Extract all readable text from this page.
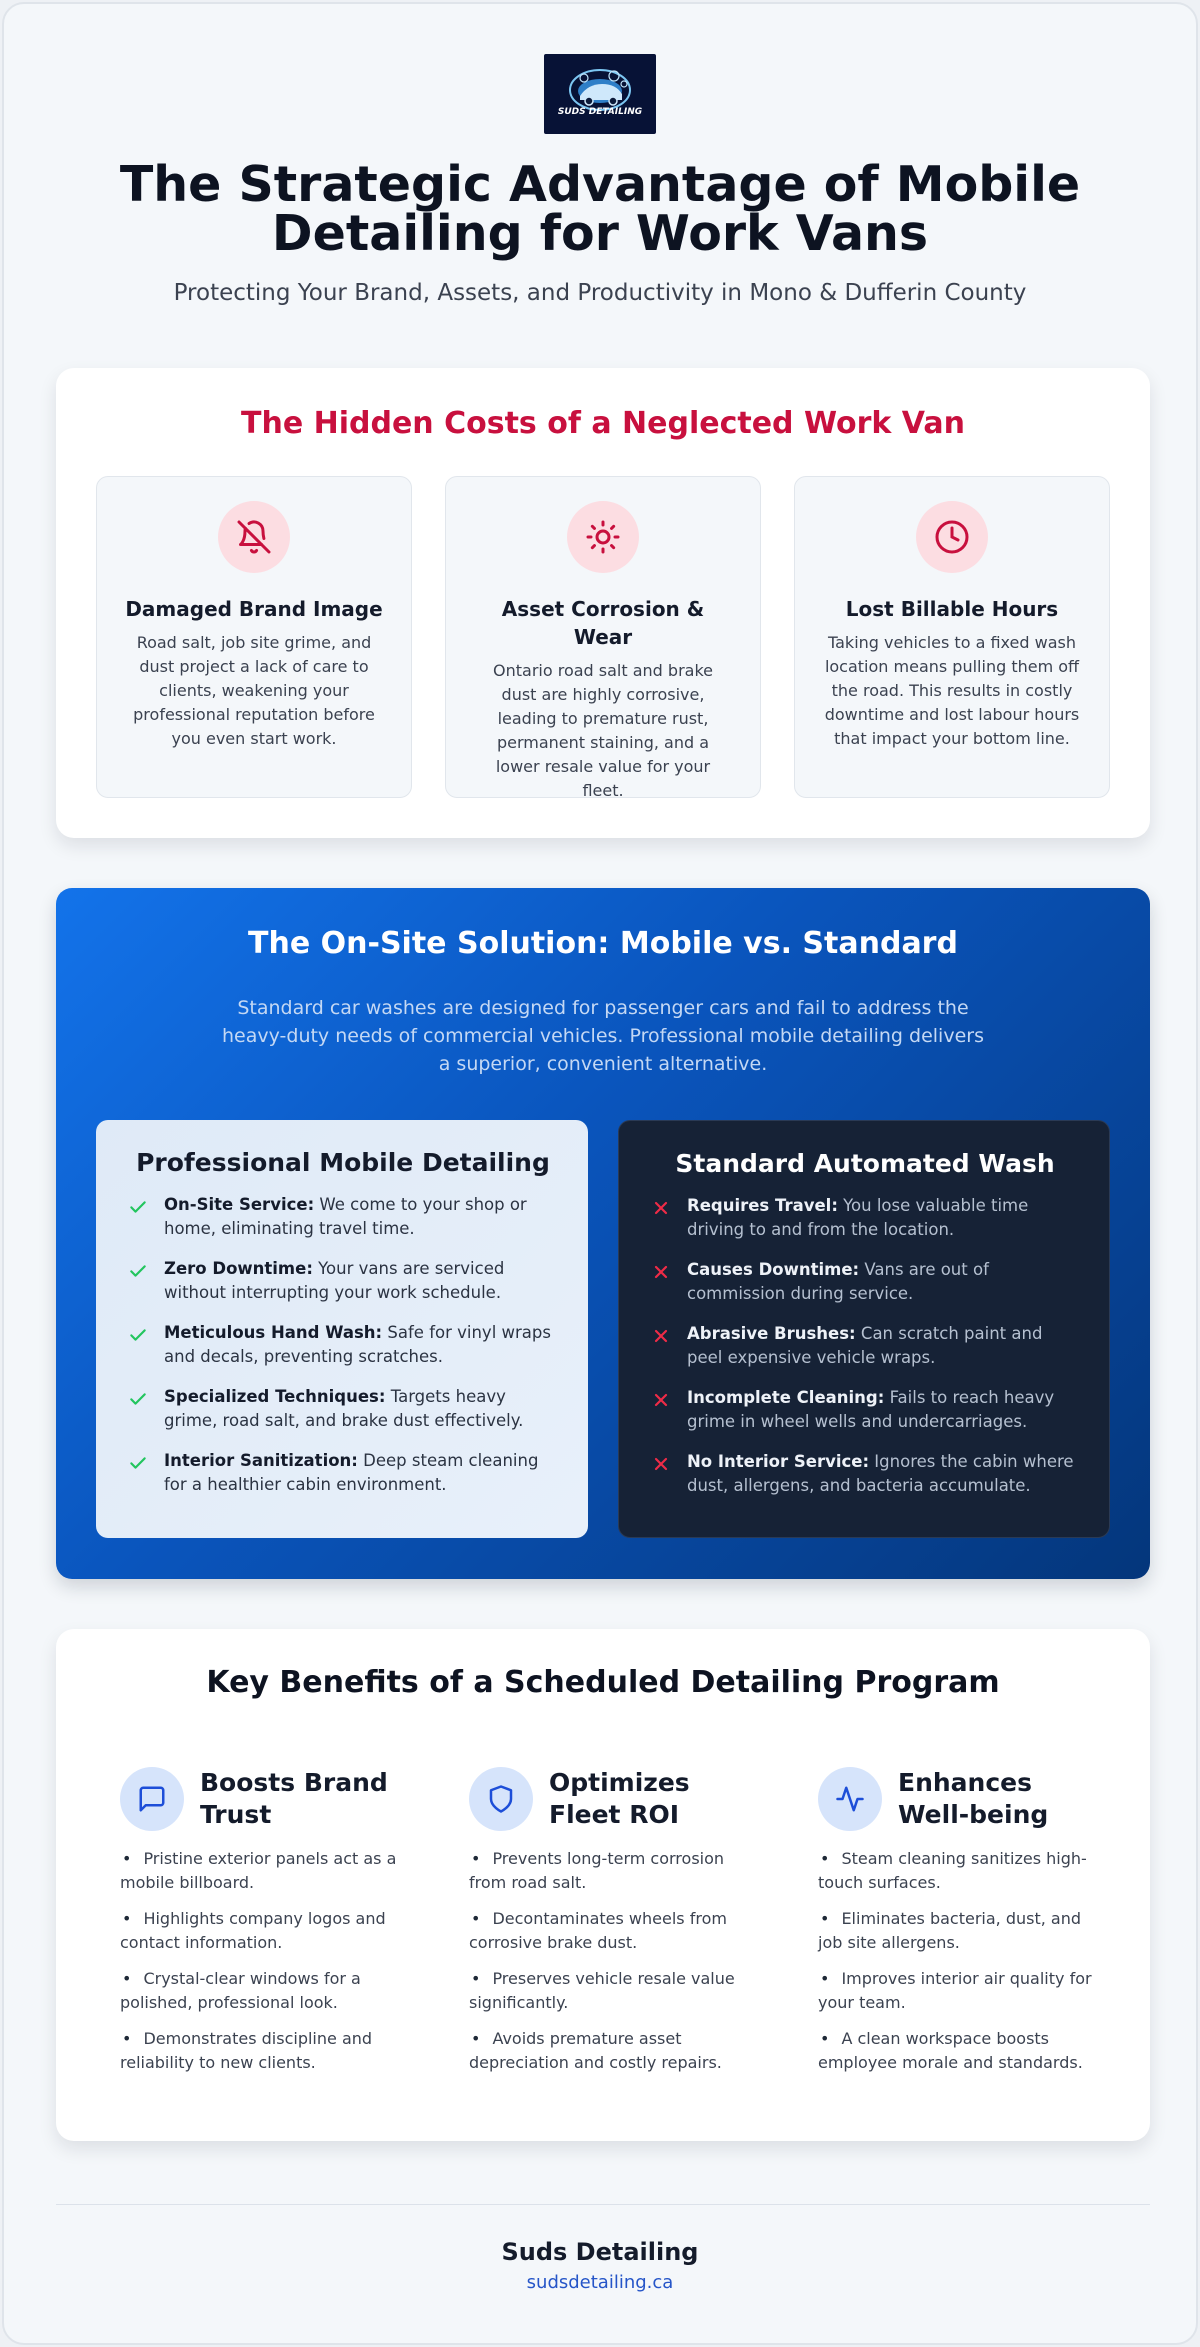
SUDS DETAILING
The Strategic Advantage of Mobile Detailing for Work Vans
Protecting Your Brand, Assets, and Productivity in Mono & Dufferin County
The Hidden Costs of a Neglected Work Van
Damaged Brand Image
Road salt, job site grime, and dust project a lack of care to clients, weakening your professional reputation before you even start work.
Asset Corrosion & Wear
Ontario road salt and brake dust are highly corrosive, leading to premature rust, permanent staining, and a lower resale value for your fleet.
Lost Billable Hours
Taking vehicles to a fixed wash location means pulling them off the road. This results in costly downtime and lost labour hours that impact your bottom line.
The On-Site Solution: Mobile vs. Standard
Standard car washes are designed for passenger cars and fail to address the heavy-duty needs of commercial vehicles. Professional mobile detailing delivers a superior, convenient alternative.
Professional Mobile Detailing
On-Site Service: We come to your shop or home, eliminating travel time.
Zero Downtime: Your vans are serviced without interrupting your work schedule.
Meticulous Hand Wash: Safe for vinyl wraps and decals, preventing scratches.
Specialized Techniques: Targets heavy grime, road salt, and brake dust effectively.
Interior Sanitization: Deep steam cleaning for a healthier cabin environment.
Standard Automated Wash
Requires Travel: You lose valuable time driving to and from the location.
Causes Downtime: Vans are out of commission during service.
Abrasive Brushes: Can scratch paint and peel expensive vehicle wraps.
Incomplete Cleaning: Fails to reach heavy grime in wheel wells and undercarriages.
No Interior Service: Ignores the cabin where dust, allergens, and bacteria accumulate.
Key Benefits of a Scheduled Detailing Program
Boosts Brand Trust
• Pristine exterior panels act as a mobile billboard.
• Highlights company logos and contact information.
• Crystal-clear windows for a polished, professional look.
• Demonstrates discipline and reliability to new clients.
Optimizes Fleet ROI
• Prevents long-term corrosion from road salt.
• Decontaminates wheels from corrosive brake dust.
• Preserves vehicle resale value significantly.
• Avoids premature asset depreciation and costly repairs.
Enhances Well-being
• Steam cleaning sanitizes high-touch surfaces.
• Eliminates bacteria, dust, and job site allergens.
• Improves interior air quality for your team.
• A clean workspace boosts employee morale and standards.
Suds Detailing
sudsdetailing.ca
